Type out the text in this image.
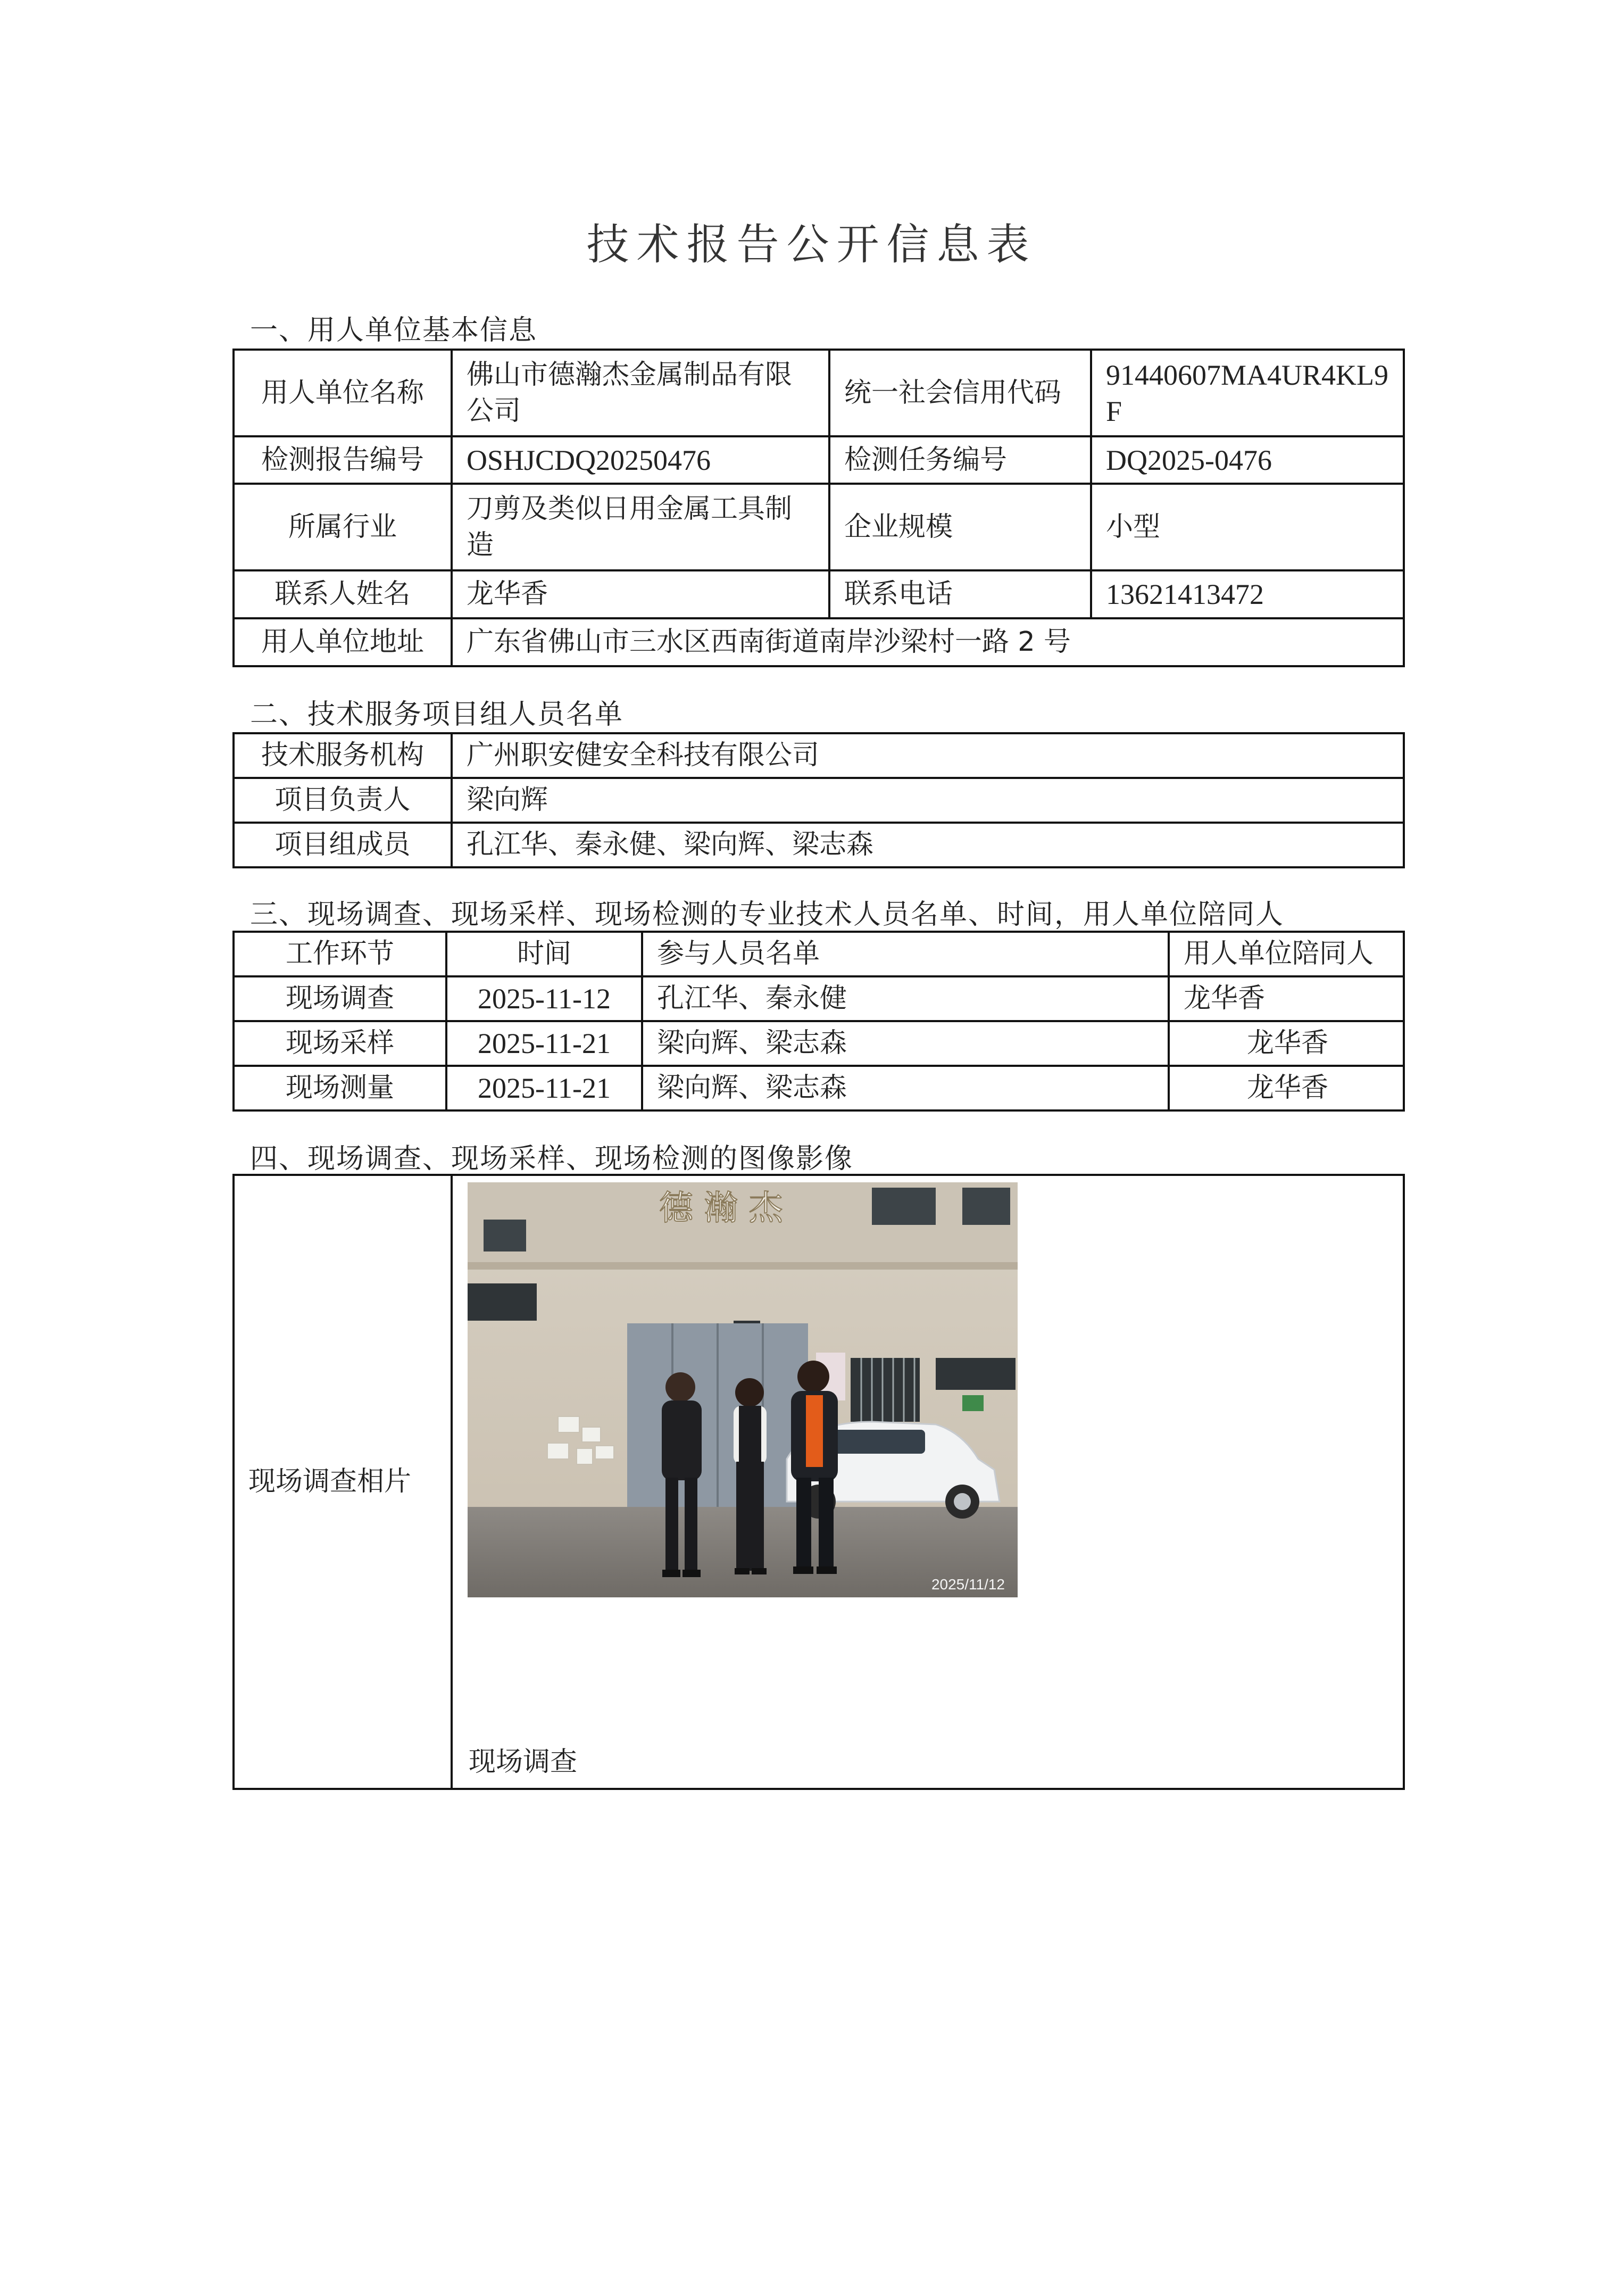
技术报告公开信息表
一、用人单位基本信息
用人单位名称	佛山市德瀚杰金属制品有限公司	统一社会信用代码	91440607MA4UR4KL9F
检测报告编号	OSHJCDQ20250476	检测任务编号	DQ2025-0476
所属行业	刀剪及类似日用金属工具制造	企业规模	小型
联系人姓名	龙华香	联系电话	13621413472
用人单位地址	广东省佛山市三水区西南街道南岸沙梁村一路 2 号		
二、技术服务项目组人员名单
技术服务机构	广州职安健安全科技有限公司
项目负责人	梁向辉
项目组成员	孔江华、秦永健、梁向辉、梁志森
三、现场调查、现场采样、现场检测的专业技术人员名单、时间，用人单位陪同人
工作环节	时间	参与人员名单	用人单位陪同人
现场调查	2025-11-12	孔江华、秦永健	龙华香
现场采样	2025-11-21	梁向辉、梁志森	龙华香
现场测量	2025-11-21	梁向辉、梁志森	龙华香
四、现场调查、现场采样、现场检测的图像影像
现场调查相片	
德 瀚 杰
2025/11/12
现场调查
